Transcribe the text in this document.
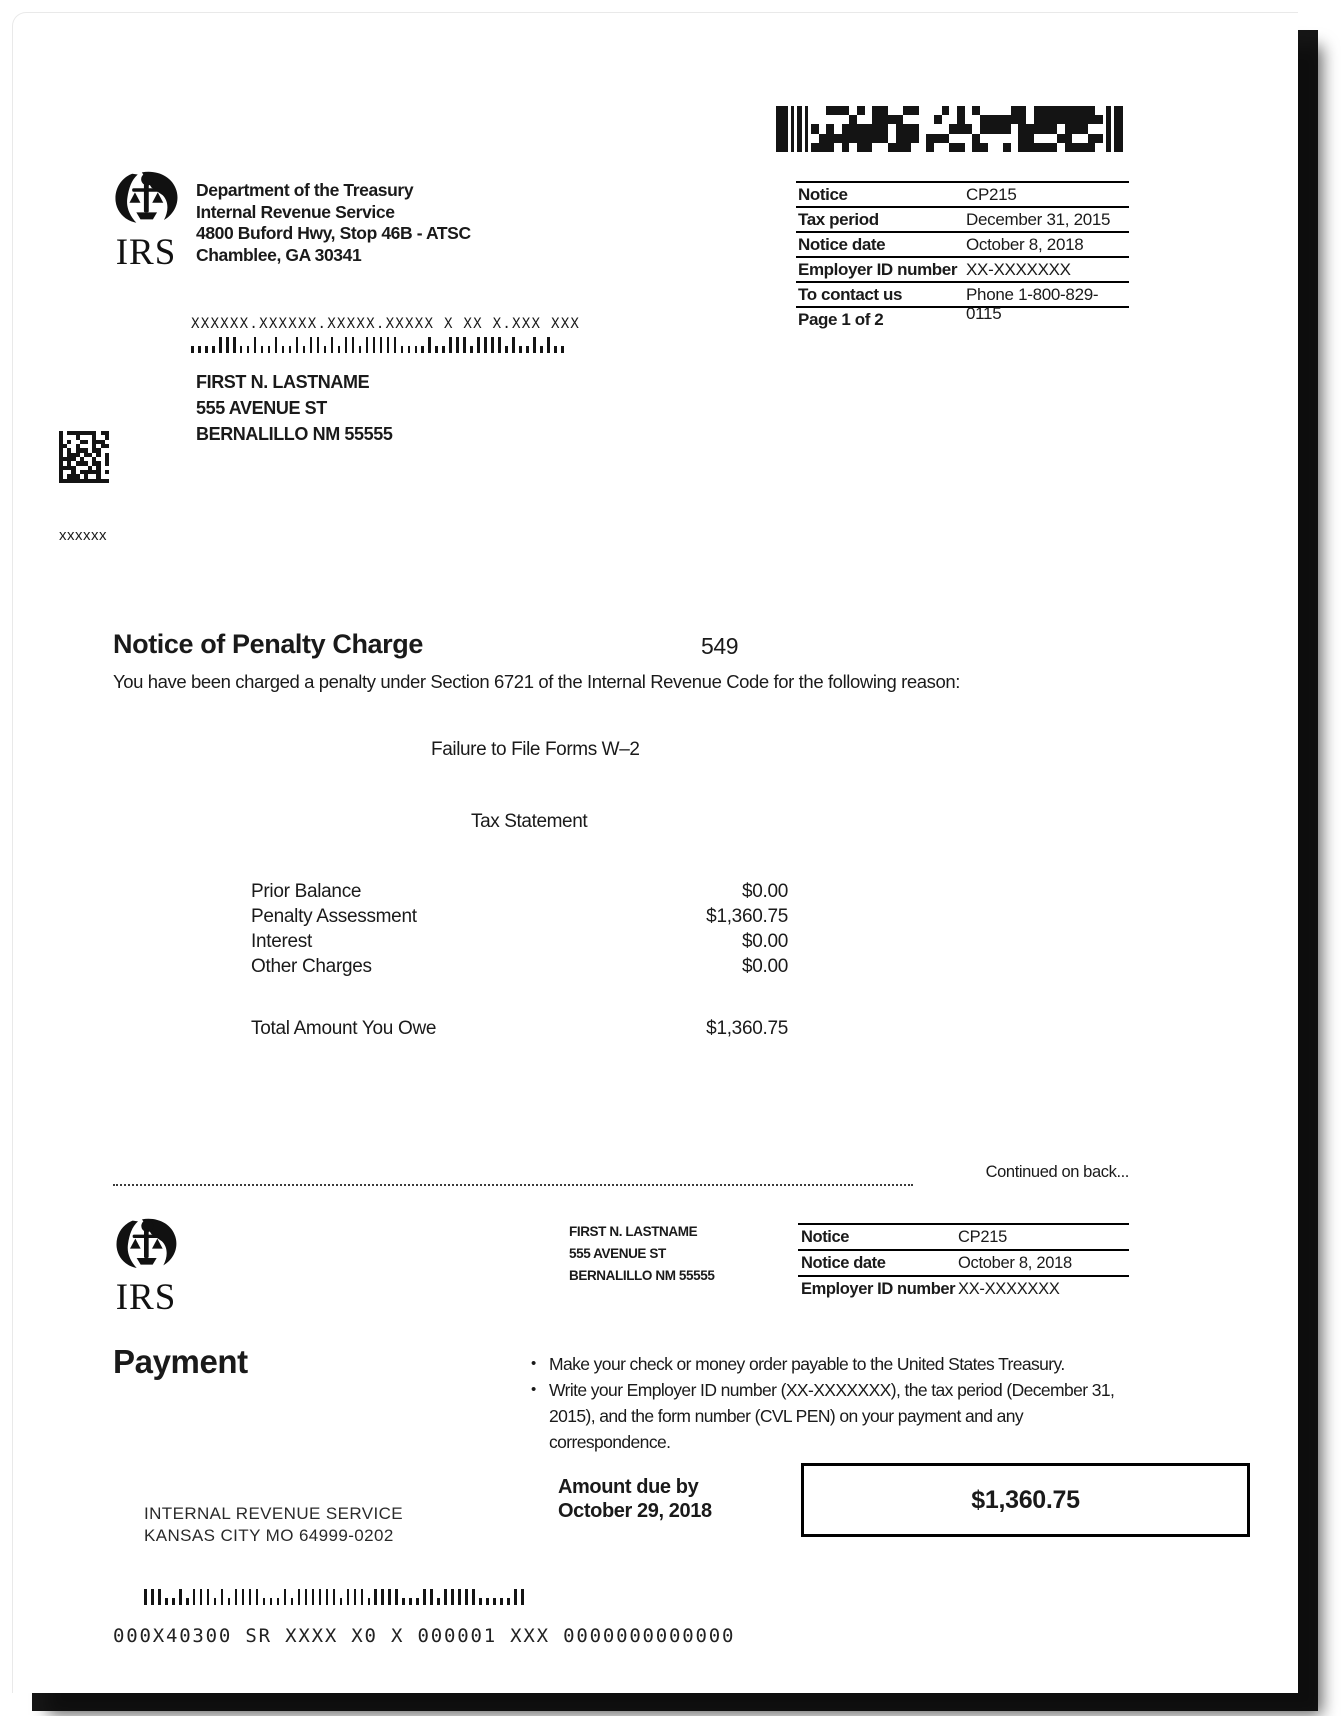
Notice	CP215
Tax period	December 31, 2015
Notice date	October 8, 2018
Employer ID number XX-XXXXXXX
To contact us	Phone 1-800-829-0115
Page 1 of 2
IRS
Department of the Treasury
Internal Revenue Service
4800 Buford Hwy, Stop 46B - ATSC
Chamblee, GA 30341
XXXXXX.XXXXXX.XXXXX.XXXXX X XX X.XXX XXX
FIRST N. LASTNAME
555 AVENUE ST
BERNALILLO NM 55555
xxxxxx
Notice of Penalty Charge	549
You have been charged a penalty under Section 6721 of the Internal Revenue Code for the following reason:
Failure to File Forms W–2
Tax Statement
Prior Balance	$0.00
Penalty Assessment	$1,360.75
Interest	$0.00
Other Charges	$0.00
Total Amount You Owe	$1,360.75
Continued on back...
IRS
FIRST N. LASTNAME
555 AVENUE ST
BERNALILLO NM 55555
Notice	CP215
Notice date	October 8, 2018
Employer ID number XX-XXXXXXX
Payment	• Make your check or money order payable to the United States Treasury.
• Write your Employer ID number (XX-XXXXXXX), the tax period (December 31, 2015), and the form number (CVL PEN) on your payment and any correspondence.
Amount due by
October 29, 2018	$1,360.75
INTERNAL REVENUE SERVICE
KANSAS CITY MO 64999-0202
000X40300 SR XXXX X0 X 000001 XXX 0000000000000
